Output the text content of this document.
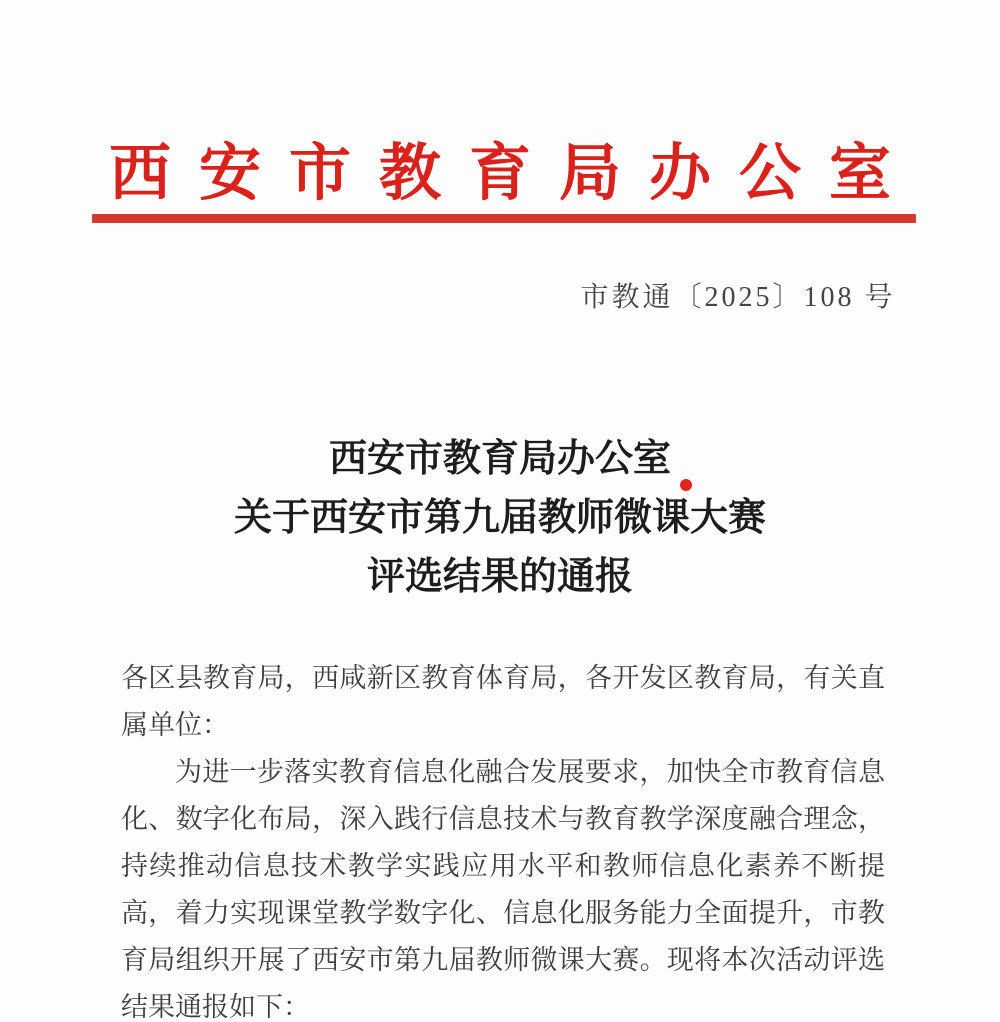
西安市教育局办公室
市教通〔2025〕108 号
西安市教育局办公室
关于西安市第九届教师微课大赛
评选结果的通报

各区县教育局，西咸新区教育体育局，各开发区教育局，有关直属单位：

为进一步落实教育信息化融合发展要求，加快全市教育信息化、数字化布局，深入践行信息技术与教育教学深度融合理念，持续推动信息技术教学实践应用水平和教师信息化素养不断提高，着力实现课堂教学数字化、信息化服务能力全面提升，市教育局组织开展了西安市第九届教师微课大赛。现将本次活动评选结果通报如下：
